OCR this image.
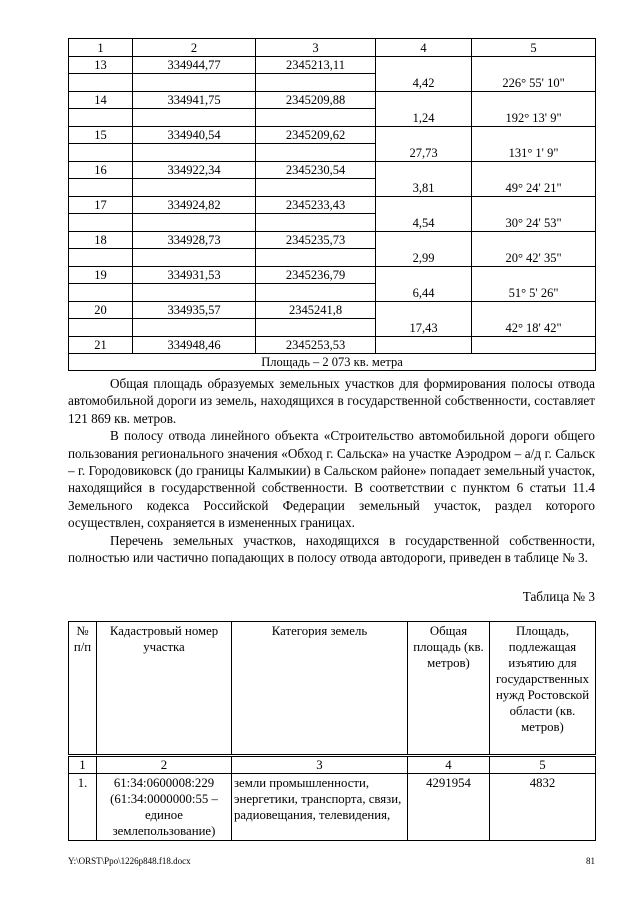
1	2	3	4	5
13	334944,77	2345213,11		
			4,42	226° 55' 10"
14	334941,75	2345209,88		
			1,24	192° 13' 9"
15	334940,54	2345209,62		
			27,73	131° 1' 9"
16	334922,34	2345230,54		
			3,81	49° 24' 21"
17	334924,82	2345233,43		
			4,54	30° 24' 53"
18	334928,73	2345235,73		
			2,99	20° 42' 35"
19	334931,53	2345236,79		
			6,44	51° 5' 26"
20	334935,57	2345241,8		
			17,43	42° 18' 42"
21	334948,46	2345253,53		
Площадь – 2 073 кв. метра				

Общая площадь образуемых земельных участков для формирования полосы отвода автомобильной дороги из земель, находящихся в государственной собственности, составляет 121 869 кв. метров.

В полосу отвода линейного объекта «Строительство автомобильной дороги общего пользования регионального значения «Обход г. Сальска» на участке Аэродром – а/д г. Сальск – г. Городовиковск (до границы Калмыкии) в Сальском районе» попадает земельный участок, находящийся в государственной собственности. В соответствии с пунктом 6 статьи 11.4 Земельного кодекса Российской Федерации земельный участок, раздел которого осуществлен, сохраняется в измененных границах.

Перечень земельных участков, находящихся в государственной собственности, полностью или частично попадающих в полосу отвода автодороги, приведен в таблице № 3.

Таблица № 3
№ п/п	Кадастровый номер участка	Категория земель	Общая площадь (кв. метров)	Площадь, подлежащая изъятию для государственных нужд Ростовской области (кв. метров)
1	2	3	4	5
1.	61:34:0600008:229 (61:34:0000000:55 – единое землепользование)	земли промышленности, энергетики, транспорта, связи, радиовещания, телевидения,	4291954	4832
Y:\ORST\Ppo\1226p848.f18.docx	81
